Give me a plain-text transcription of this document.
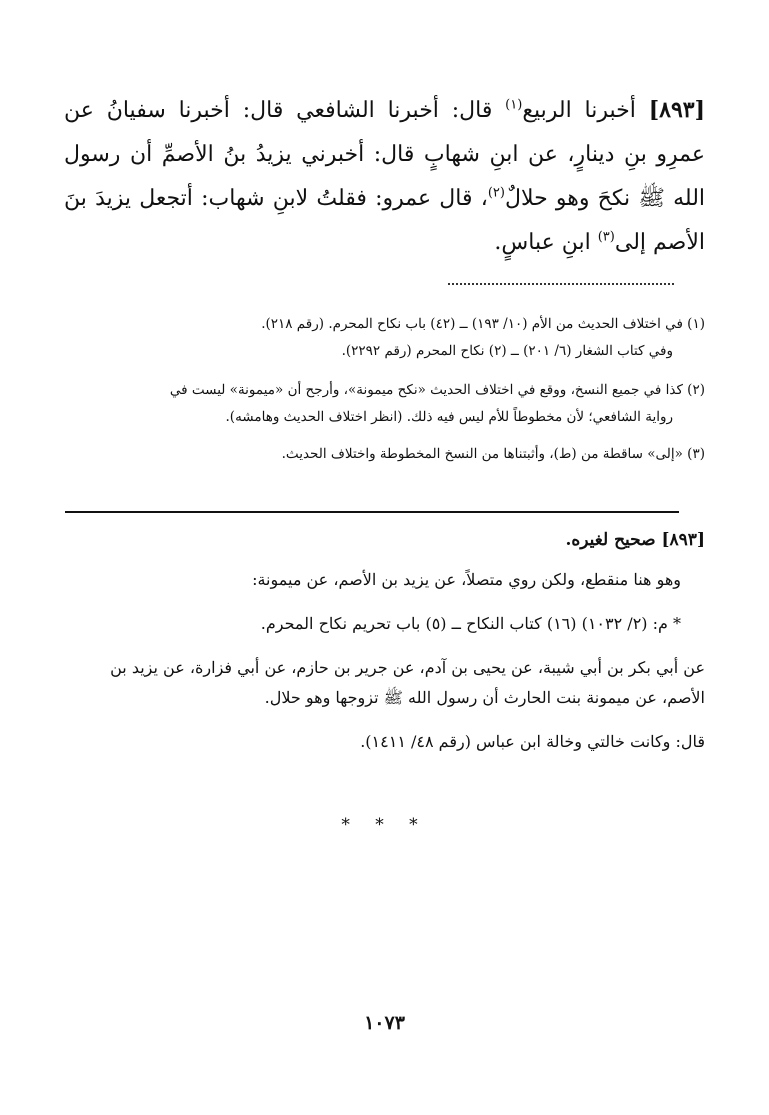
[٨٩٣] أخبرنا الربيع$^{(١)}$ قال: أخبرنا الشافعي قال: أخبرنا سفيانُ عن عمرِو بنِ دينارٍ، عن ابنِ شهابٍ قال: أخبرني يزيدُ بنُ الأصمِّ أن رسول الله ﷺ نكحَ وهو حلالٌ$^{(٢)}$، قال عمرو: فقلتُ لابنِ شهاب: أتجعل يزيدَ بنَ الأصم إلى$^{(٣)}$ ابنِ عباسٍ.

(١) في اختلاف الحديث من الأم (١٠/ ١٩٣) ــ (٤٢) باب نكاح المحرم. (رقم ٢١٨).
وفي كتاب الشغار (٦/ ٢٠١) ــ (٢) نكاح المحرم (رقم ٢٢٩٢).
(٢) كذا في جميع النسخ، ووقع في اختلاف الحديث «نكح ميمونة»، وأرجح أن «ميمونة» ليست في
رواية الشافعي؛ لأن مخطوطاً للأم ليس فيه ذلك. (انظر اختلاف الحديث وهامشه).
(٣) «إلى» ساقطة من (ط)، وأثبتناها من النسخ المخطوطة واختلاف الحديث.
[٨٩٣] صحيح لغيره.

وهو هنا منقطع، ولكن روي متصلاً، عن يزيد بن الأصم، عن ميمونة:

* م: (٢/ ١٠٣٢) (١٦) كتاب النكاح ــ (٥) باب تحريم نكاح المحرم.

عن أبي بكر بن أبي شيبة، عن يحيى بن آدم، عن جرير بن حازم، عن أبي فزارة، عن يزيد بن الأصم، عن ميمونة بنت الحارث أن رسول الله ﷺ تزوجها وهو حلال.

قال: وكانت خالتي وخالة ابن عباس (رقم ٤٨/ ١٤١١).

* * *
١٠٧٣
